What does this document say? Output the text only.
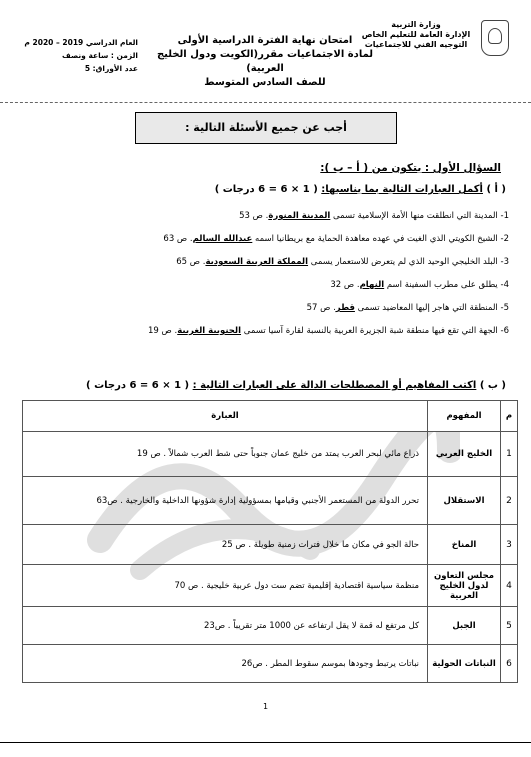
وزارة التربية
الإدارة العامة للتعليم الخاص
التوجيه الفني للاجتماعيات
امتحان نهاية الفترة الدراسية الأولى
لمادة الاجتماعيات مقرر(الكويت ودول الخليج العربية)
للصف السادس المتوسط
العام الدراسي 2019 – 2020 م
الزمن : ساعة ونصف
عدد الأوراق: 5
أجب عن جميع الأسئلة التالية :
السؤال الأول : يتكون من ( أ – ب ):
( أ ) أكمل العبارات التالية بما يناسبها: ( 1 × 6 = 6 درجات )
1- المدينة التي انطلقت منها الأمة الإسلامية تسمى المدينة المنورة. ص 53
2- الشيخ الكويتي الذي الغيت في عهده معاهدة الحماية مع بريطانيا اسمه عبدالله السالم. ص 63
3- البلد الخليجي الوحيد الذي لم يتعرض للاستعمار يسمى المملكة العربية السعودية. ص 65
4- يطلق على مطرب السفينة اسم النهام. ص 32
5- المنطقة التي هاجر إليها المعاضيد تسمى قطر. ص 57
6- الجهة التي تقع فيها منطقة شبة الجزيرة العربية بالنسبة لقارة آسيا تسمى الجنوبية الغربية. ص 19
( ب ) اكتب المفاهيم أو المصطلحات الدالة على العبارات التالية : ( 1 × 6 = 6 درجات )
م	المفهوم	العبارة
1	الخليج العربي	ذراع مائي لبحر العرب يمتد من خليج عمان جنوباً حتى شط العرب شمالاً . ص 19
2	الاستقلال	تحرر الدولة من المستعمر الأجنبي وقيامها بمسؤولية إدارة شؤونها الداخلية والخارجية . ص63
3	المناخ	حالة الجو في مكان ما خلال فترات زمنية طويلة . ص 25
4	مجلس التعاون لدول الخليج العربية	منظمة سياسية اقتصادية إقليمية تضم ست دول عربية خليجية . ص 70
5	الجبل	كل مرتفع له قمة لا يقل ارتفاعه عن 1000 متر تقريباً . ص23
6	النباتات الحولية	نباتات يرتبط وجودها بموسم سقوط المطر . ص26
1
